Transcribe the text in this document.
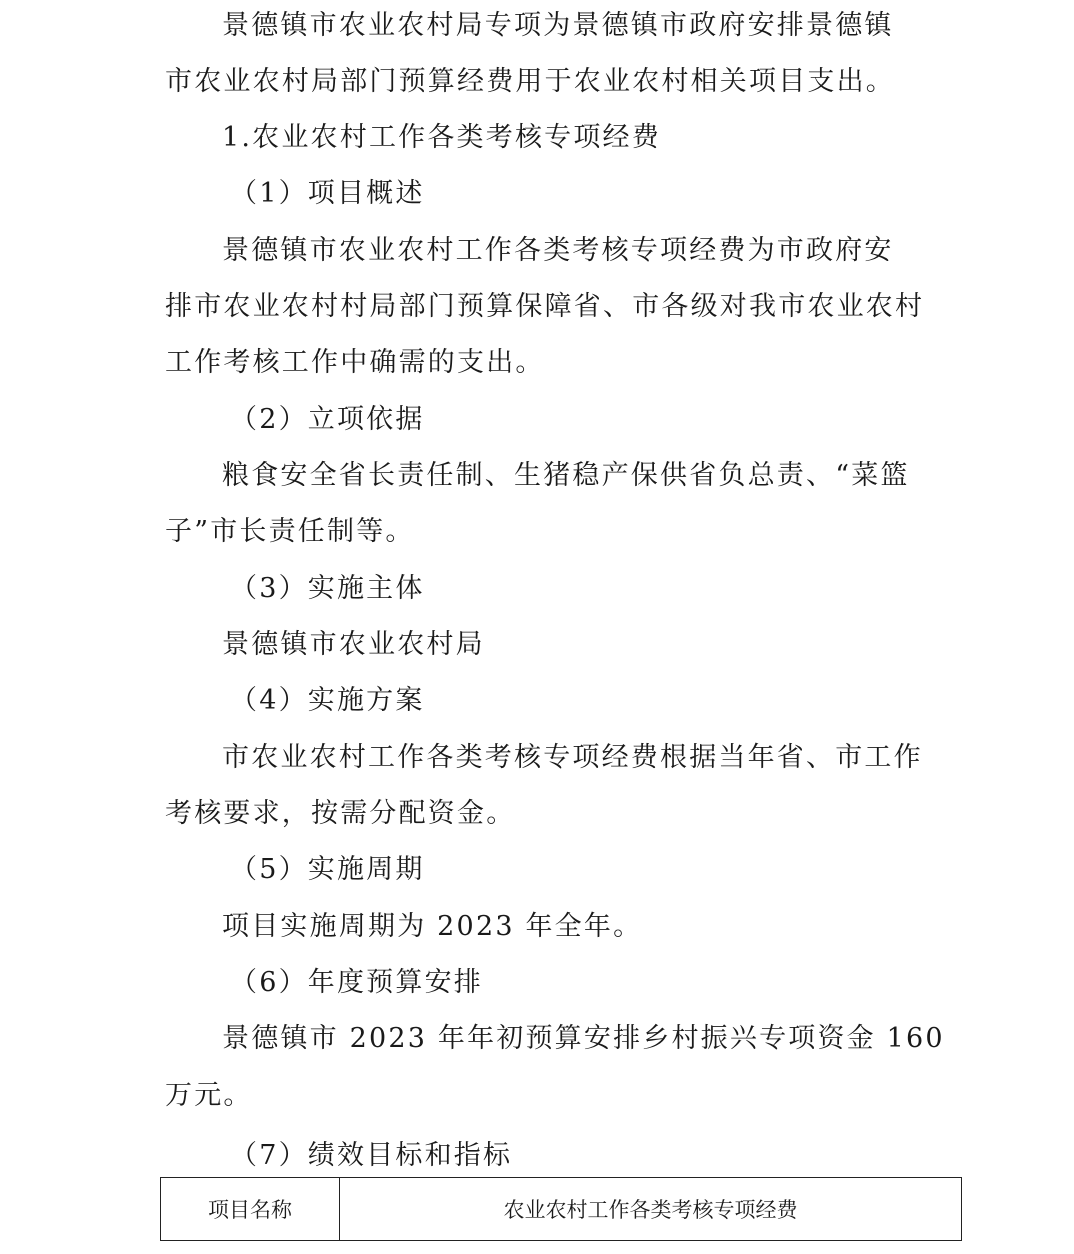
景德镇市农业农村局专项为景德镇市政府安排景德镇
市农业农村局部门预算经费用于农业农村相关项目支出。
1.农业农村工作各类考核专项经费
（1）项目概述
景德镇市农业农村工作各类考核专项经费为市政府安
排市农业农村村局部门预算保障省、市各级对我市农业农村
工作考核工作中确需的支出。
（2）立项依据
粮食安全省长责任制、生猪稳产保供省负总责、“菜篮
子”市长责任制等。
（3）实施主体
景德镇市农业农村局
（4）实施方案
市农业农村工作各类考核专项经费根据当年省、市工作
考核要求，按需分配资金。
（5）实施周期
项目实施周期为 2023 年全年。
（6）年度预算安排
景德镇市 2023 年年初预算安排乡村振兴专项资金 160
万元。
（7）绩效目标和指标
项目名称	农业农村工作各类考核专项经费
